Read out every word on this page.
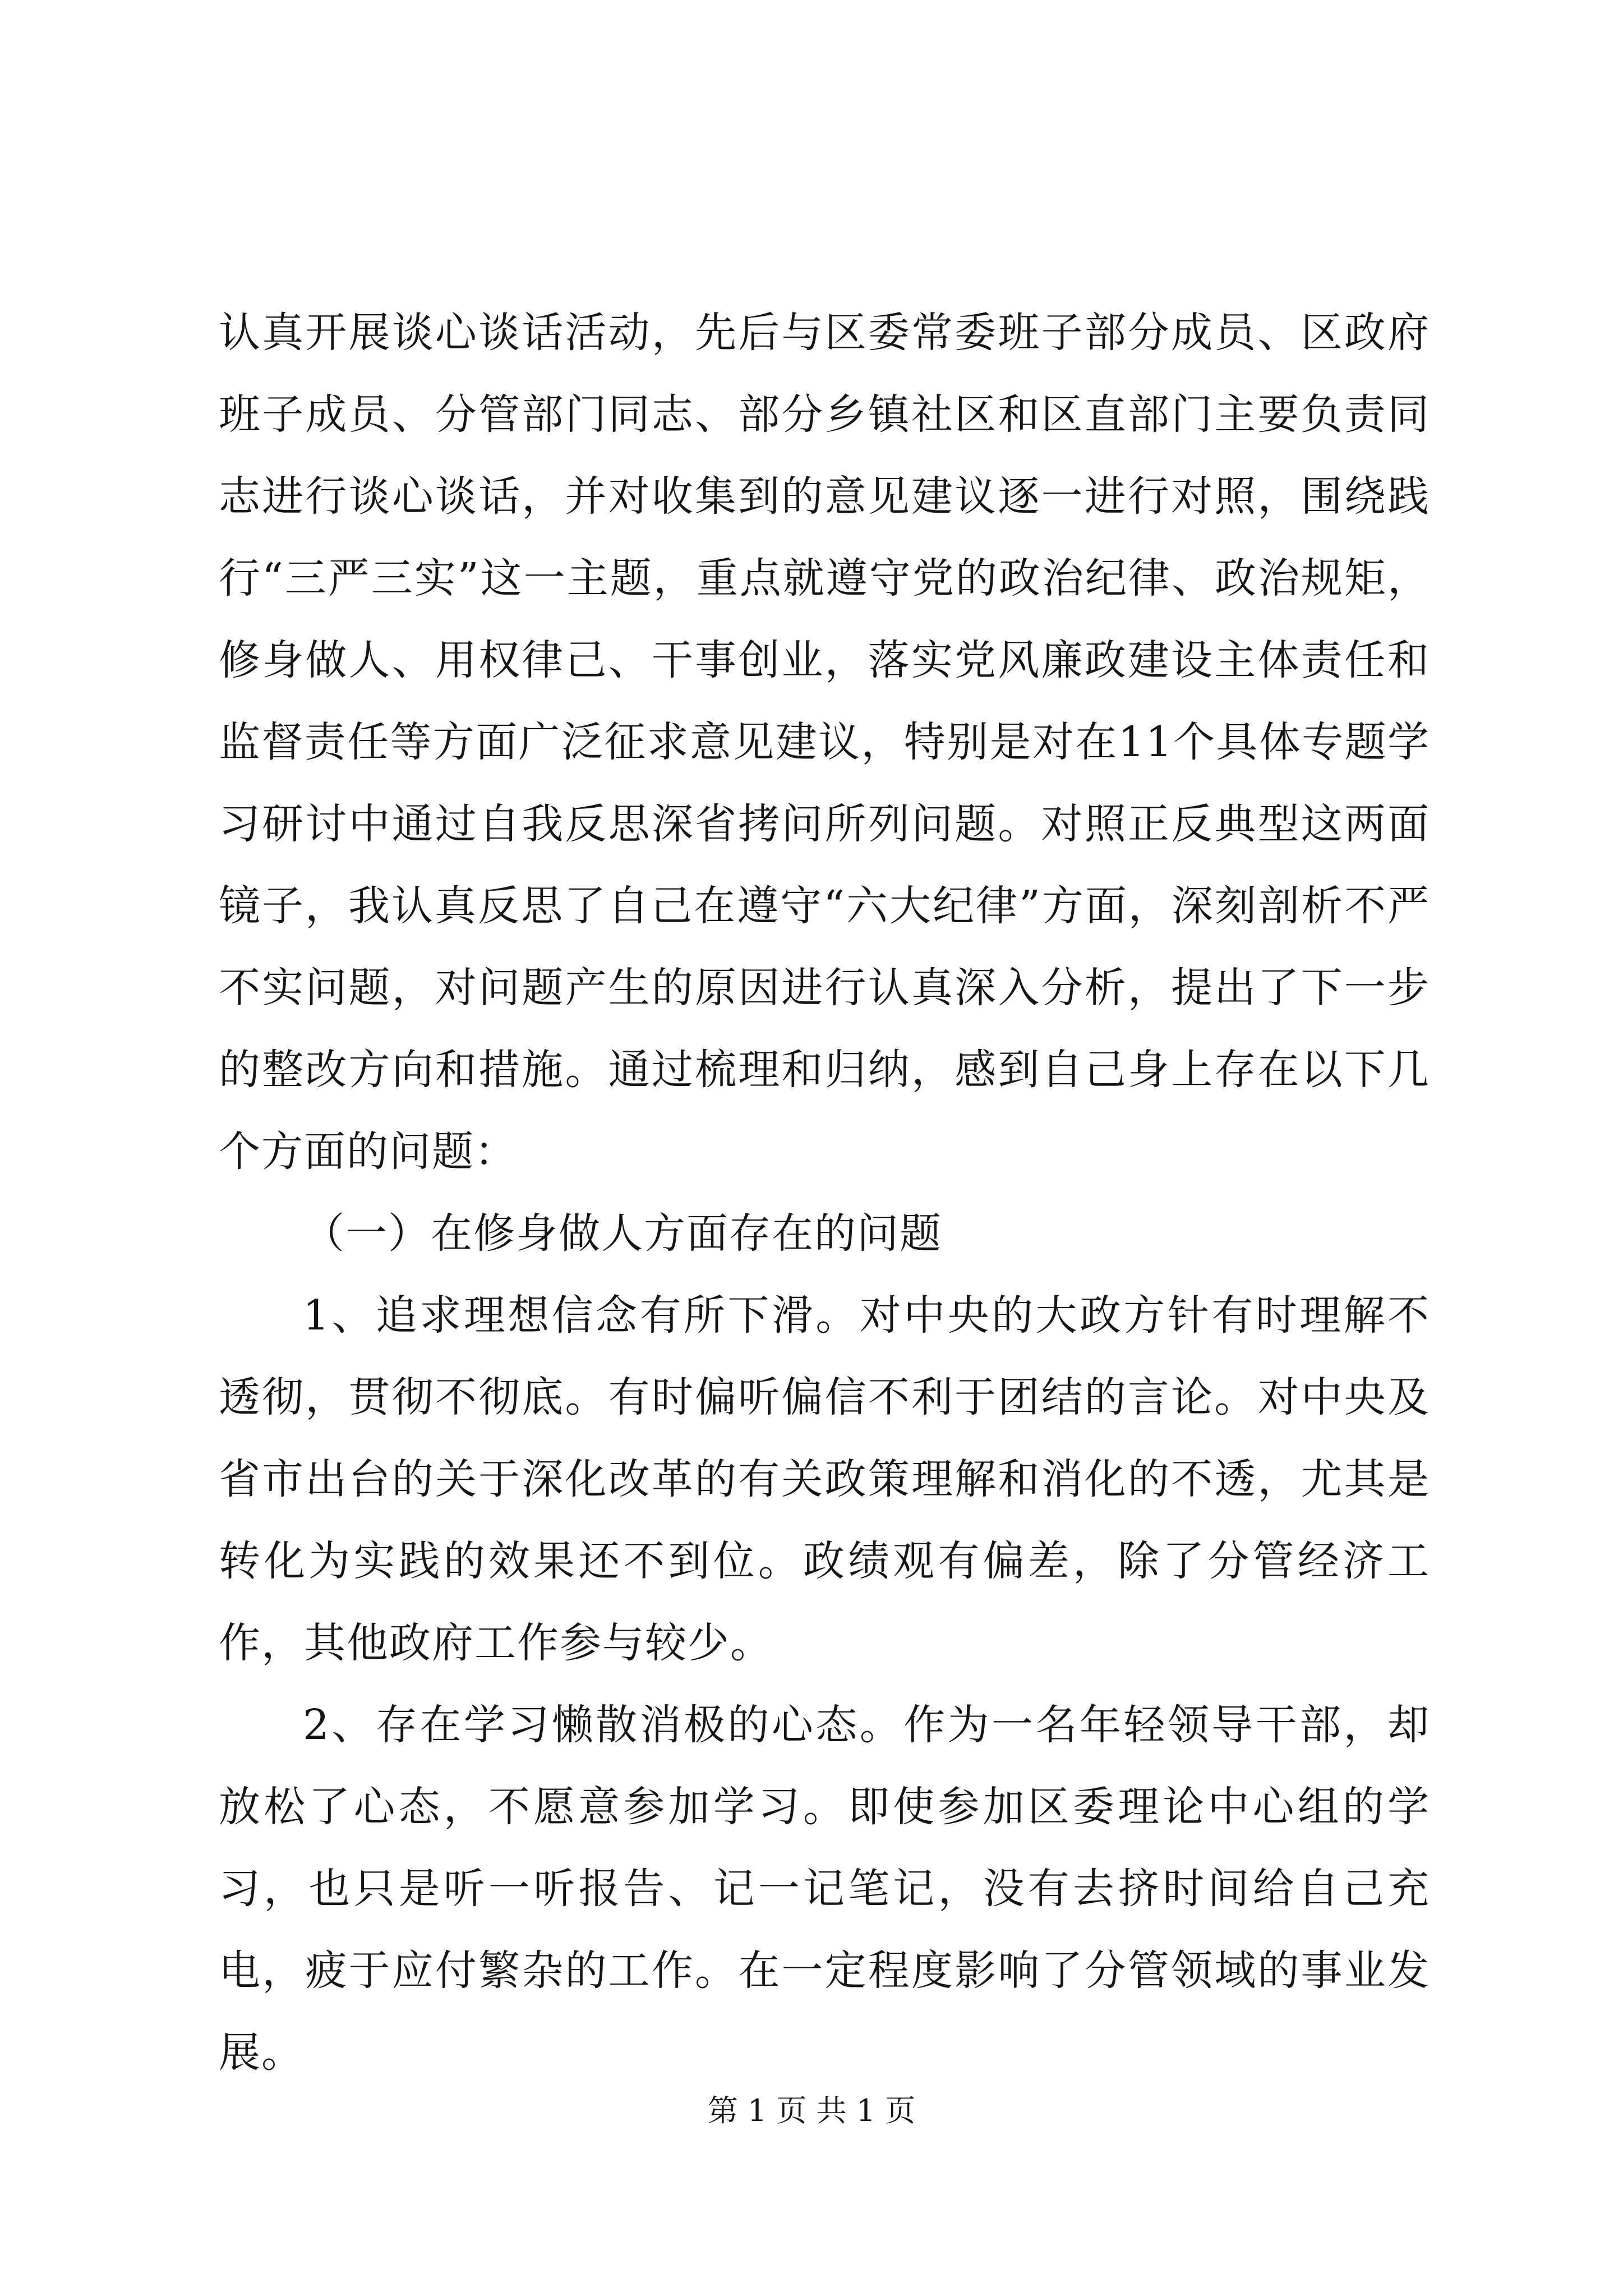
认真开展谈心谈话活动，先后与区委常委班子部分成员、区政府班子成员、分管部门同志、部分乡镇社区和区直部门主要负责同志进行谈心谈话，并对收集到的意见建议逐一进行对照，围绕践行“三严三实”这一主题，重点就遵守党的政治纪律、政治规矩，修身做人、用权律己、干事创业，落实党风廉政建设主体责任和监督责任等方面广泛征求意见建议，特别是对在11个具体专题学习研讨中通过自我反思深省拷问所列问题。对照正反典型这两面镜子，我认真反思了自己在遵守“六大纪律”方面，深刻剖析不严不实问题，对问题产生的原因进行认真深入分析，提出了下一步的整改方向和措施。通过梳理和归纳，感到自己身上存在以下几个方面的问题：

（一）在修身做人方面存在的问题

1、追求理想信念有所下滑。对中央的大政方针有时理解不透彻，贯彻不彻底。有时偏听偏信不利于团结的言论。对中央及省市出台的关于深化改革的有关政策理解和消化的不透，尤其是转化为实践的效果还不到位。政绩观有偏差，除了分管经济工作，其他政府工作参与较少。

2、存在学习懒散消极的心态。作为一名年轻领导干部，却放松了心态，不愿意参加学习。即使参加区委理论中心组的学习，也只是听一听报告、记一记笔记，没有去挤时间给自己充电，疲于应付繁杂的工作。在一定程度影响了分管领域的事业发展。

第 1 页 共 1 页
